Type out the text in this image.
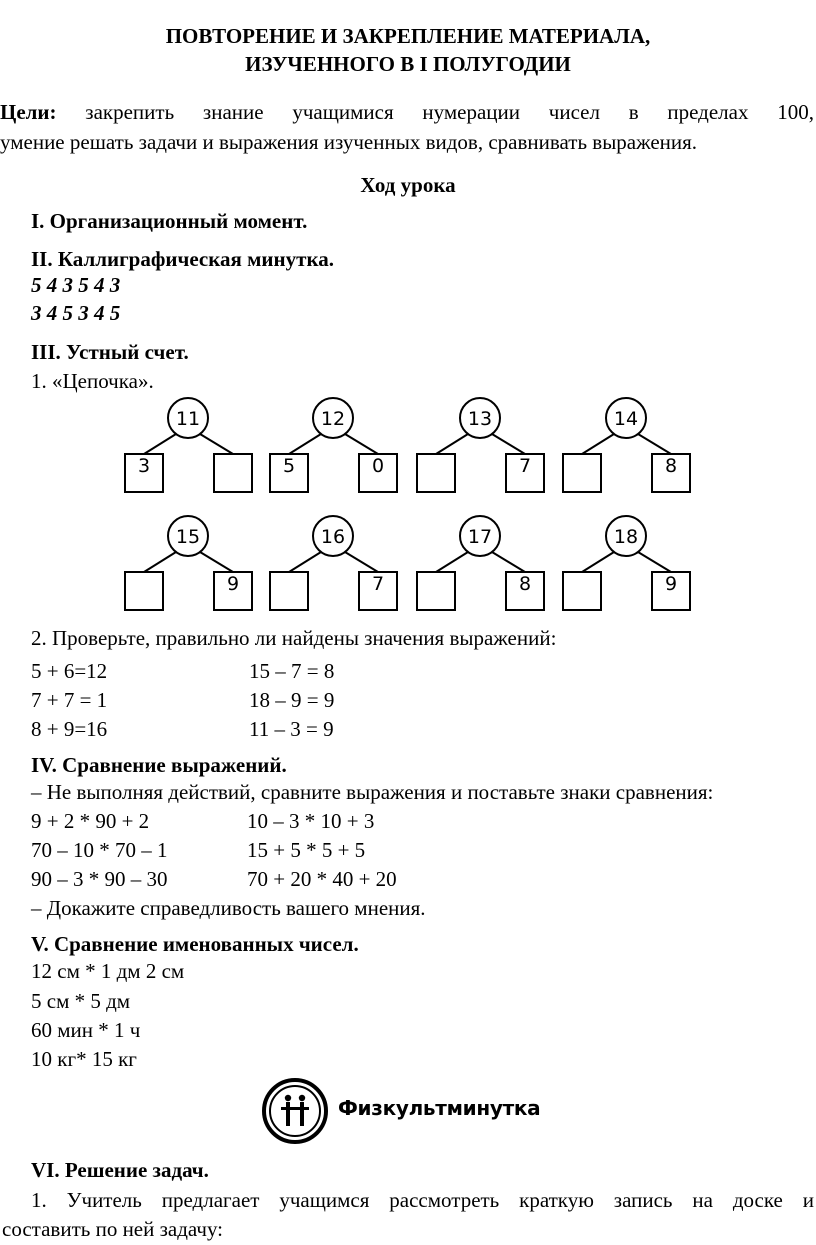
ПОВТОРЕНИЕ И ЗАКРЕПЛЕНИЕ МАТЕРИАЛА,
ИЗУЧЕННОГО В I ПОЛУГОДИИ
Цели: закрепить знание учащимися нумерации чисел в пределах 100,
умение решать задачи и выражения изученных видов, сравнивать выражения.
Ход урока
I. Организационный момент.
II. Каллиграфическая минутка.
5 4 3 5 4 3
3 4 5 3 4 5
III. Устный счет.
1. «Цепочка».
11
3
12
5	0
13
7
14
8
15
9
16
7
17
8
18
9
2. Проверьте, правильно ли найдены значения выражений:
5 + 6=12
7 + 7 = 1
8 + 9=16
15 – 7 = 8
18 – 9 = 9
11 – 3 = 9
IV. Сравнение выражений.
– Не выполняя действий, сравните выражения и поставьте знаки сравнения:
9 + 2 * 90 + 2
70 – 10 * 70 – 1
90 – 3 * 90 – 30
10 – 3 * 10 + 3
15 + 5 * 5 + 5
70 + 20 * 40 + 20
– Докажите справедливость вашего мнения.
V. Сравнение именованных чисел.
12 см * 1 дм 2 см
5 см * 5 дм
60 мин * 1 ч
10 кг* 15 кг
Физкультминутка
VI. Решение задач.
1. Учитель предлагает учащимся рассмотреть краткую запись на доске и
составить по ней задачу:
